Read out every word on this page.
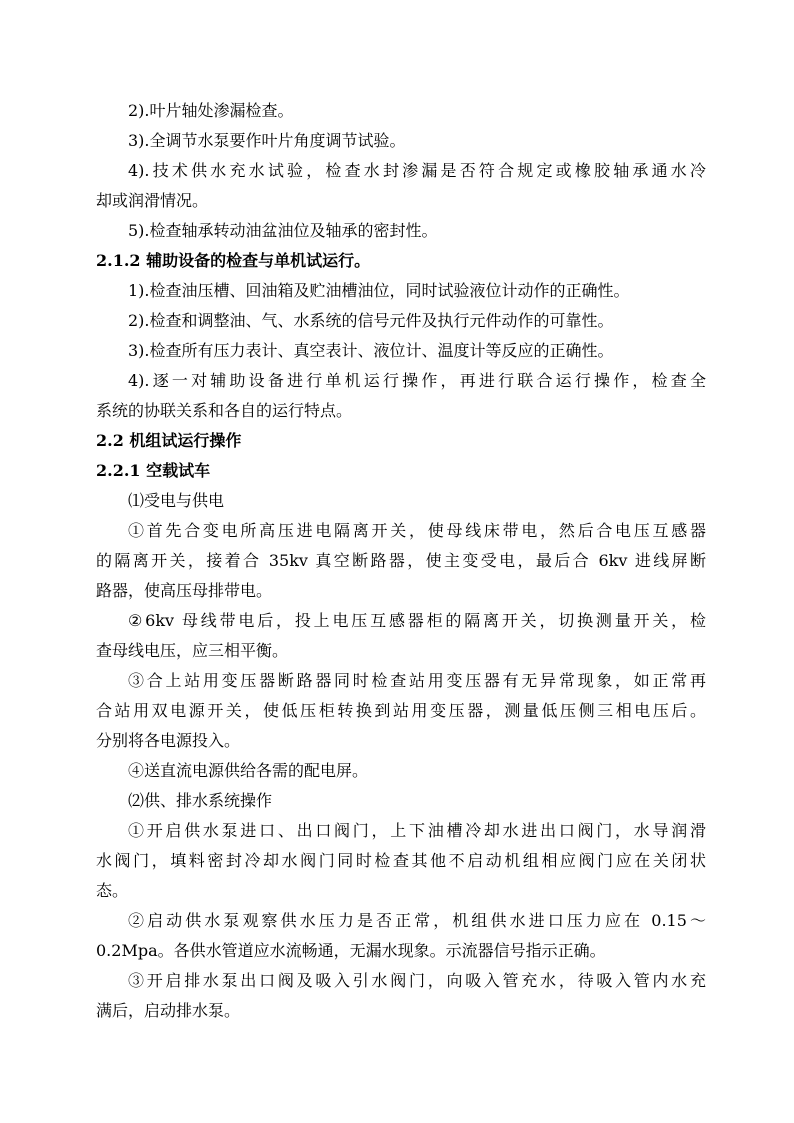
2).叶片轴处渗漏检查。
3).全调节水泵要作叶片角度调节试验。
4).技术供水充水试验，检查水封渗漏是否符合规定或橡胶轴承通水冷
却或润滑情况。
5).检查轴承转动油盆油位及轴承的密封性。
2.1.2 辅助设备的检查与单机试运行。
1).检查油压槽、回油箱及贮油槽油位，同时试验液位计动作的正确性。
2).检查和调整油、气、水系统的信号元件及执行元件动作的可靠性。
3).检查所有压力表计、真空表计、液位计、温度计等反应的正确性。
4).逐一对辅助设备进行单机运行操作，再进行联合运行操作，检查全
系统的协联关系和各自的运行特点。
2.2 机组试运行操作
2.2.1 空载试车
⑴受电与供电
①首先合变电所高压进电隔离开关，使母线床带电，然后合电压互感器
的隔离开关，接着合 35kv 真空断路器，使主变受电，最后合 6kv 进线屏断
路器，使高压母排带电。
②6kv 母线带电后，投上电压互感器柜的隔离开关，切换测量开关，检
查母线电压，应三相平衡。
③合上站用变压器断路器同时检查站用变压器有无异常现象，如正常再
合站用双电源开关，使低压柜转换到站用变压器，测量低压侧三相电压后。
分别将各电源投入。
④送直流电源供给各需的配电屏。
⑵供、排水系统操作
①开启供水泵进口、出口阀门，上下油槽冷却水进出口阀门，水导润滑
水阀门，填料密封冷却水阀门同时检查其他不启动机组相应阀门应在关闭状
态。
②启动供水泵观察供水压力是否正常，机组供水进口压力应在 0.15～
0.2Mpa。各供水管道应水流畅通，无漏水现象。示流器信号指示正确。
③开启排水泵出口阀及吸入引水阀门，向吸入管充水，待吸入管内水充
满后，启动排水泵。
